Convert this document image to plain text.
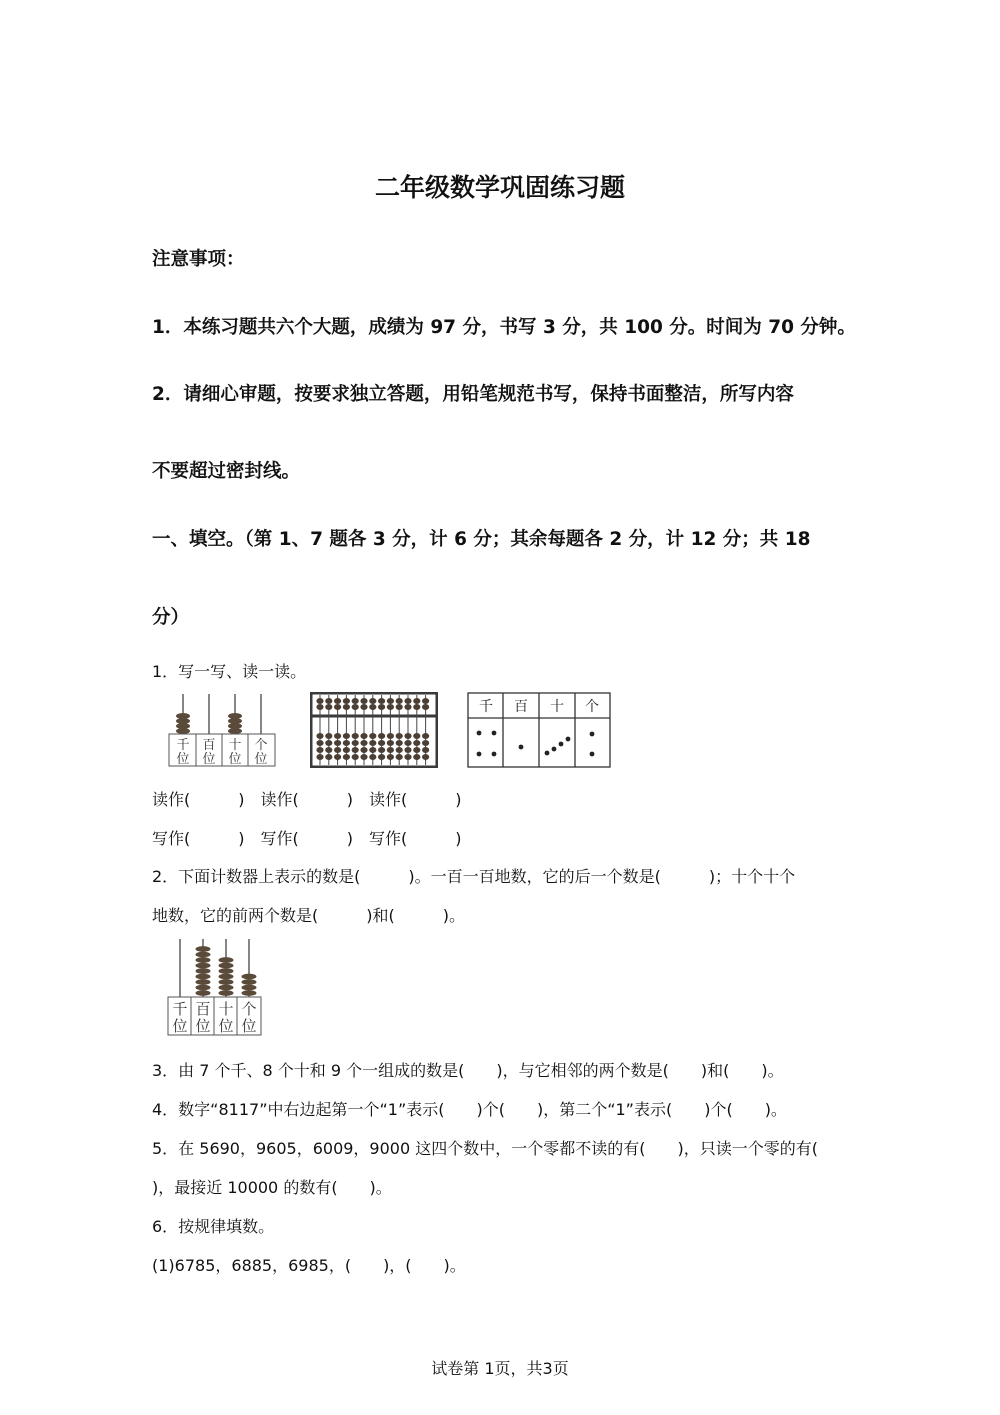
二年级数学巩固练习题
注意事项：
1．本练习题共六个大题，成绩为 97 分，书写 3 分，共 100 分。时间为 70 分钟。
2．请细心审题，按要求独立答题，用铅笔规范书写，保持书面整洁，所写内容
不要超过密封线。
一、填空。（第 1、7 题各 3 分，计 6 分；其余每题各 2 分，计 12 分；共 18
分）
1．写一写、读一读。
千 百 十 个
位 位 位 位
千 百 十 个
读作(　　　)　读作(　　　)　读作(　　　)
写作(　　　)　写作(　　　)　写作(　　　)
2．下面计数器上表示的数是(　　　)。一百一百地数，它的后一个数是(　　　)；十个十个
地数，它的前两个数是(　　　)和(　　　)。
千 百 十 个
位 位 位 位
3．由 7 个千、8 个十和 9 个一组成的数是(　　)，与它相邻的两个数是(　　)和(　　)。
4．数字“8117”中右边起第一个“1”表示(　　)个(　　)，第二个“1”表示(　　)个(　　)。
5．在 5690，9605，6009，9000 这四个数中，一个零都不读的有(　　)，只读一个零的有(
)，最接近 10000 的数有(　　)。
6．按规律填数。
(1)6785，6885，6985，(　　)，(　　)。
试卷第 1页，共3页
